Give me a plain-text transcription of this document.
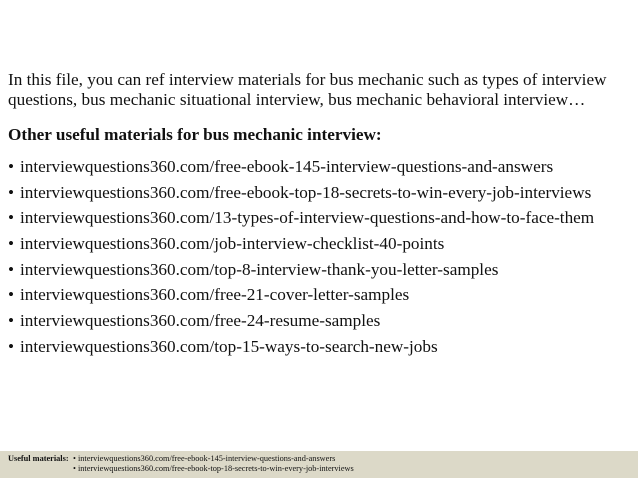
In this file, you can ref interview materials for bus mechanic such as types of interview questions, bus mechanic situational interview, bus mechanic behavioral interview…

Other useful materials for bus mechanic interview:

• interviewquestions360.com/free-ebook-145-interview-questions-and-answers
• interviewquestions360.com/free-ebook-top-18-secrets-to-win-every-job-interviews
• interviewquestions360.com/13-types-of-interview-questions-and-how-to-face-them
• interviewquestions360.com/job-interview-checklist-40-points
• interviewquestions360.com/top-8-interview-thank-you-letter-samples
• interviewquestions360.com/free-21-cover-letter-samples
• interviewquestions360.com/free-24-resume-samples
• interviewquestions360.com/top-15-ways-to-search-new-jobs
Useful materials: • interviewquestions360.com/free-ebook-145-interview-questions-and-answers
• interviewquestions360.com/free-ebook-top-18-secrets-to-win-every-job-interviews
